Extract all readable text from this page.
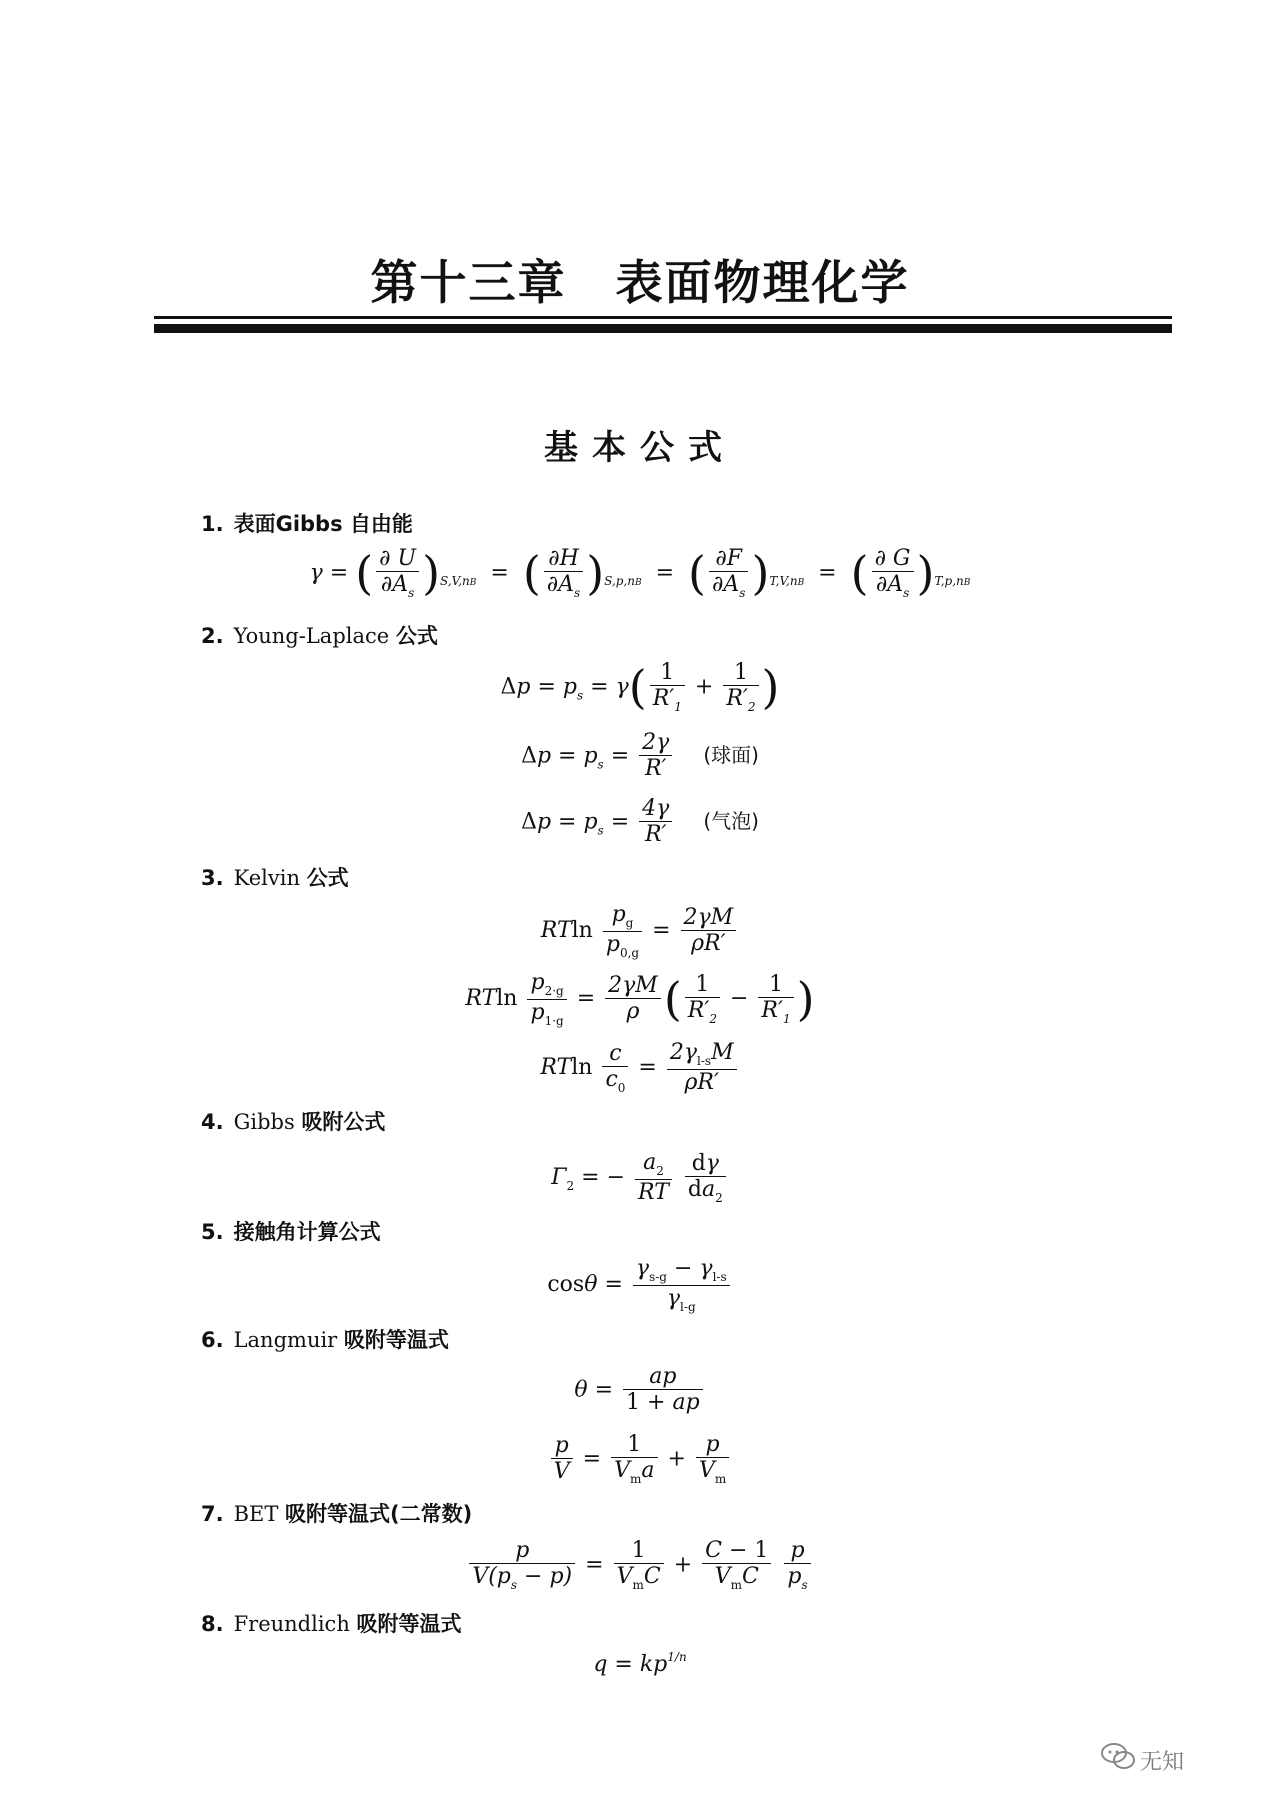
第十三章　表面物理化学
基本公式
1. 表面Gibbs 自由能
γ = ( $\frac{\partial U}{\partial A_s} )_{S,V,nB}$  =  ( $\frac{\partial H}{\partial A_s} )_{S,p,nB}$  =  ( $\frac{\partial F}{\partial A_s} )_{T,V,nB}$  =  ( $\frac{\partial G}{\partial A_s} )_{T,p,nB}$
2. Young-Laplace 公式
$\Delta p = p_s = \gamma( \frac{1}{R'_1} + \frac{1}{R'_2}$ )
$\Delta p = p_s = \frac{2\gamma}{R'}$ (球面)
$\Delta p = p_s = \frac{4\gamma}{R'}$ (气泡)
3. Kelvin 公式
RTln $\frac{p_g}{p_{0,g}} = \frac{2\gamma M}{\rho R'}$
RTln $\frac{p_{2\cdot g}}{p_{1\cdot g}} = \frac{2\gamma M}{\rho}$ ( $\frac{1}{R'_2} - \frac{1}{R'_1}$ )
RTln $\frac{c}{c_0} = \frac{2\gamma_{l-s}M}{\rho R'}$
4. Gibbs 吸附公式
$\Gamma_2$ = − $\frac{a_2}{RT}$
$\frac{d\gamma}{da_2}$
5. 接触角计算公式
$\cos\theta = \frac{\gamma_{s-g} - \gamma_{l-s}}{\gamma_{l-g}}$
6. Langmuir 吸附等温式
$\theta = \frac{ap}{1 + ap}$
$\frac{p}{V} = \frac{1}{V_ma} + \frac{p}{V_m}$
7. BET 吸附等温式(二常数)
$\frac{p}{V(p_s - p)} = \frac{1}{V_mC} + \frac{C - 1}{V_mC}$
$\frac{p}{p_s}$
8. Freundlich 吸附等温式
$q = kp^{1/n}$
无知
